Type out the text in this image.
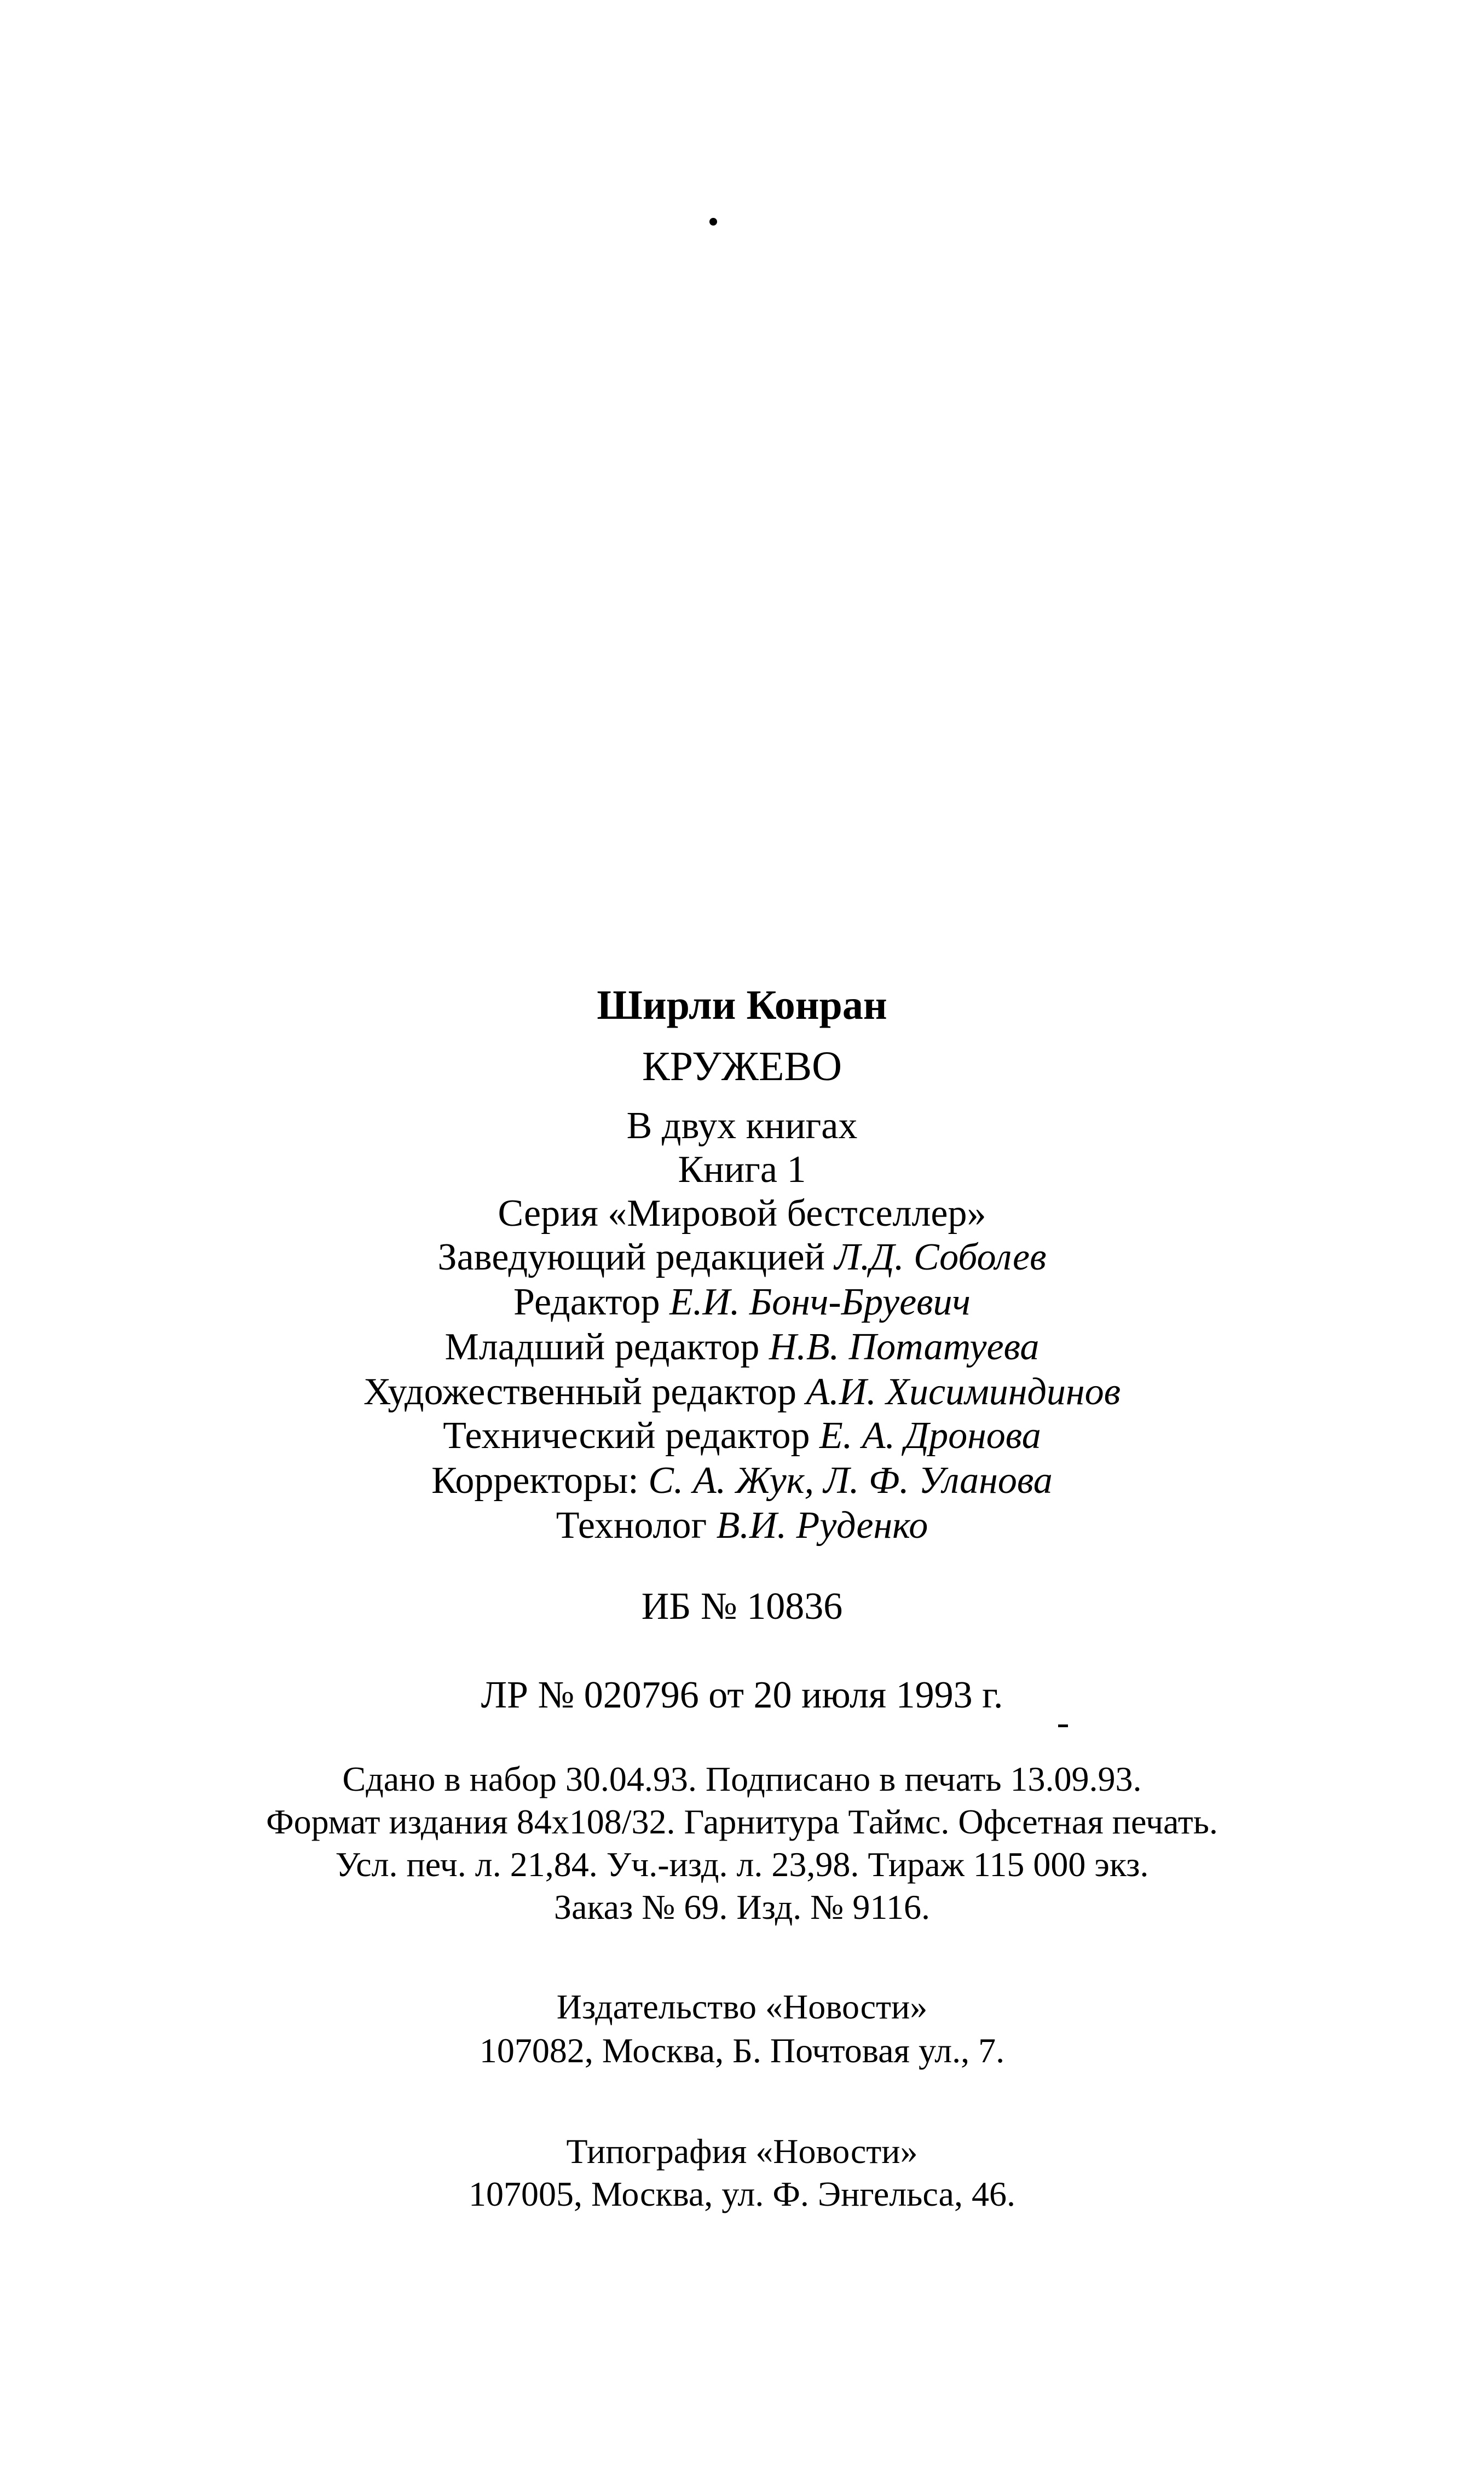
Ширли Конран

КРУЖЕВО

В двух книгах

Книга 1

Серия «Мировой бестселлер»

Заведующий редакцией Л.Д. Соболев

Редактор Е.И. Бонч-Бруевич

Младший редактор Н.В. Потатуева

Художественный редактор А.И. Хисиминдинов

Технический редактор Е. А. Дронова

Корректоры: С. А. Жук, Л. Ф. Уланова

Технолог В.И. Руденко

ИБ № 10836

ЛР № 020796 от 20 июля 1993 г.

Сдано в набор 30.04.93. Подписано в печать 13.09.93.

Формат издания 84x108/32. Гарнитура Таймс. Офсетная печать.

Усл. печ. л. 21,84. Уч.-изд. л. 23,98. Тираж 115 000 экз.

Заказ № 69. Изд. № 9116.

Издательство «Новости»

107082, Москва, Б. Почтовая ул., 7.

Типография «Новости»

107005, Москва, ул. Ф. Энгельса, 46.
